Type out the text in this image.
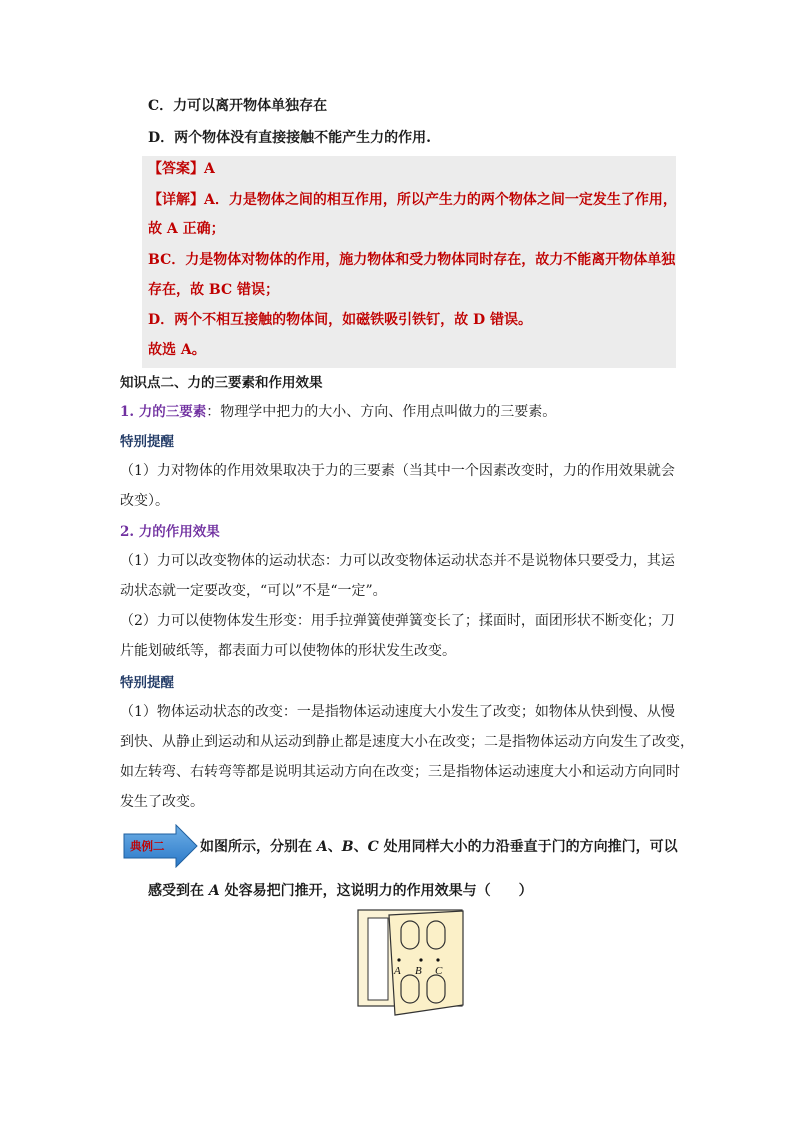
C．力可以离开物体单独存在
D．两个物体没有直接接触不能产生力的作用.
【答案】A
【详解】A．力是物体之间的相互作用，所以产生力的两个物体之间一定发生了作用，
故 A 正确；
BC．力是物体对物体的作用，施力物体和受力物体同时存在，故力不能离开物体单独
存在，故 BC 错误；
D．两个不相互接触的物体间，如磁铁吸引铁钉，故 D 错误。
故选 A。
知识点二、力的三要素和作用效果
1. 力的三要素：物理学中把力的大小、方向、作用点叫做力的三要素。
特别提醒
（1）力对物体的作用效果取决于力的三要素（当其中一个因素改变时，力的作用效果就会
改变）。
2. 力的作用效果
（1）力可以改变物体的运动状态：力可以改变物体运动状态并不是说物体只要受力，其运
动状态就一定要改变，“可以”不是“一定”。
（2）力可以使物体发生形变：用手拉弹簧使弹簧变长了；揉面时，面团形状不断变化；刀
片能划破纸等，都表面力可以使物体的形状发生改变。
特别提醒
（1）物体运动状态的改变：一是指物体运动速度大小发生了改变；如物体从快到慢、从慢
到快、从静止到运动和从运动到静止都是速度大小在改变；二是指物体运动方向发生了改变，
如左转弯、右转弯等都是说明其运动方向在改变；三是指物体运动速度大小和运动方向同时
发生了改变。
典例二	如图所示，分别在 A、B、C 处用同样大小的力沿垂直于门的方向推门，可以
感受到在 A 处容易把门推开，这说明力的作用效果与（　　）
A B C
